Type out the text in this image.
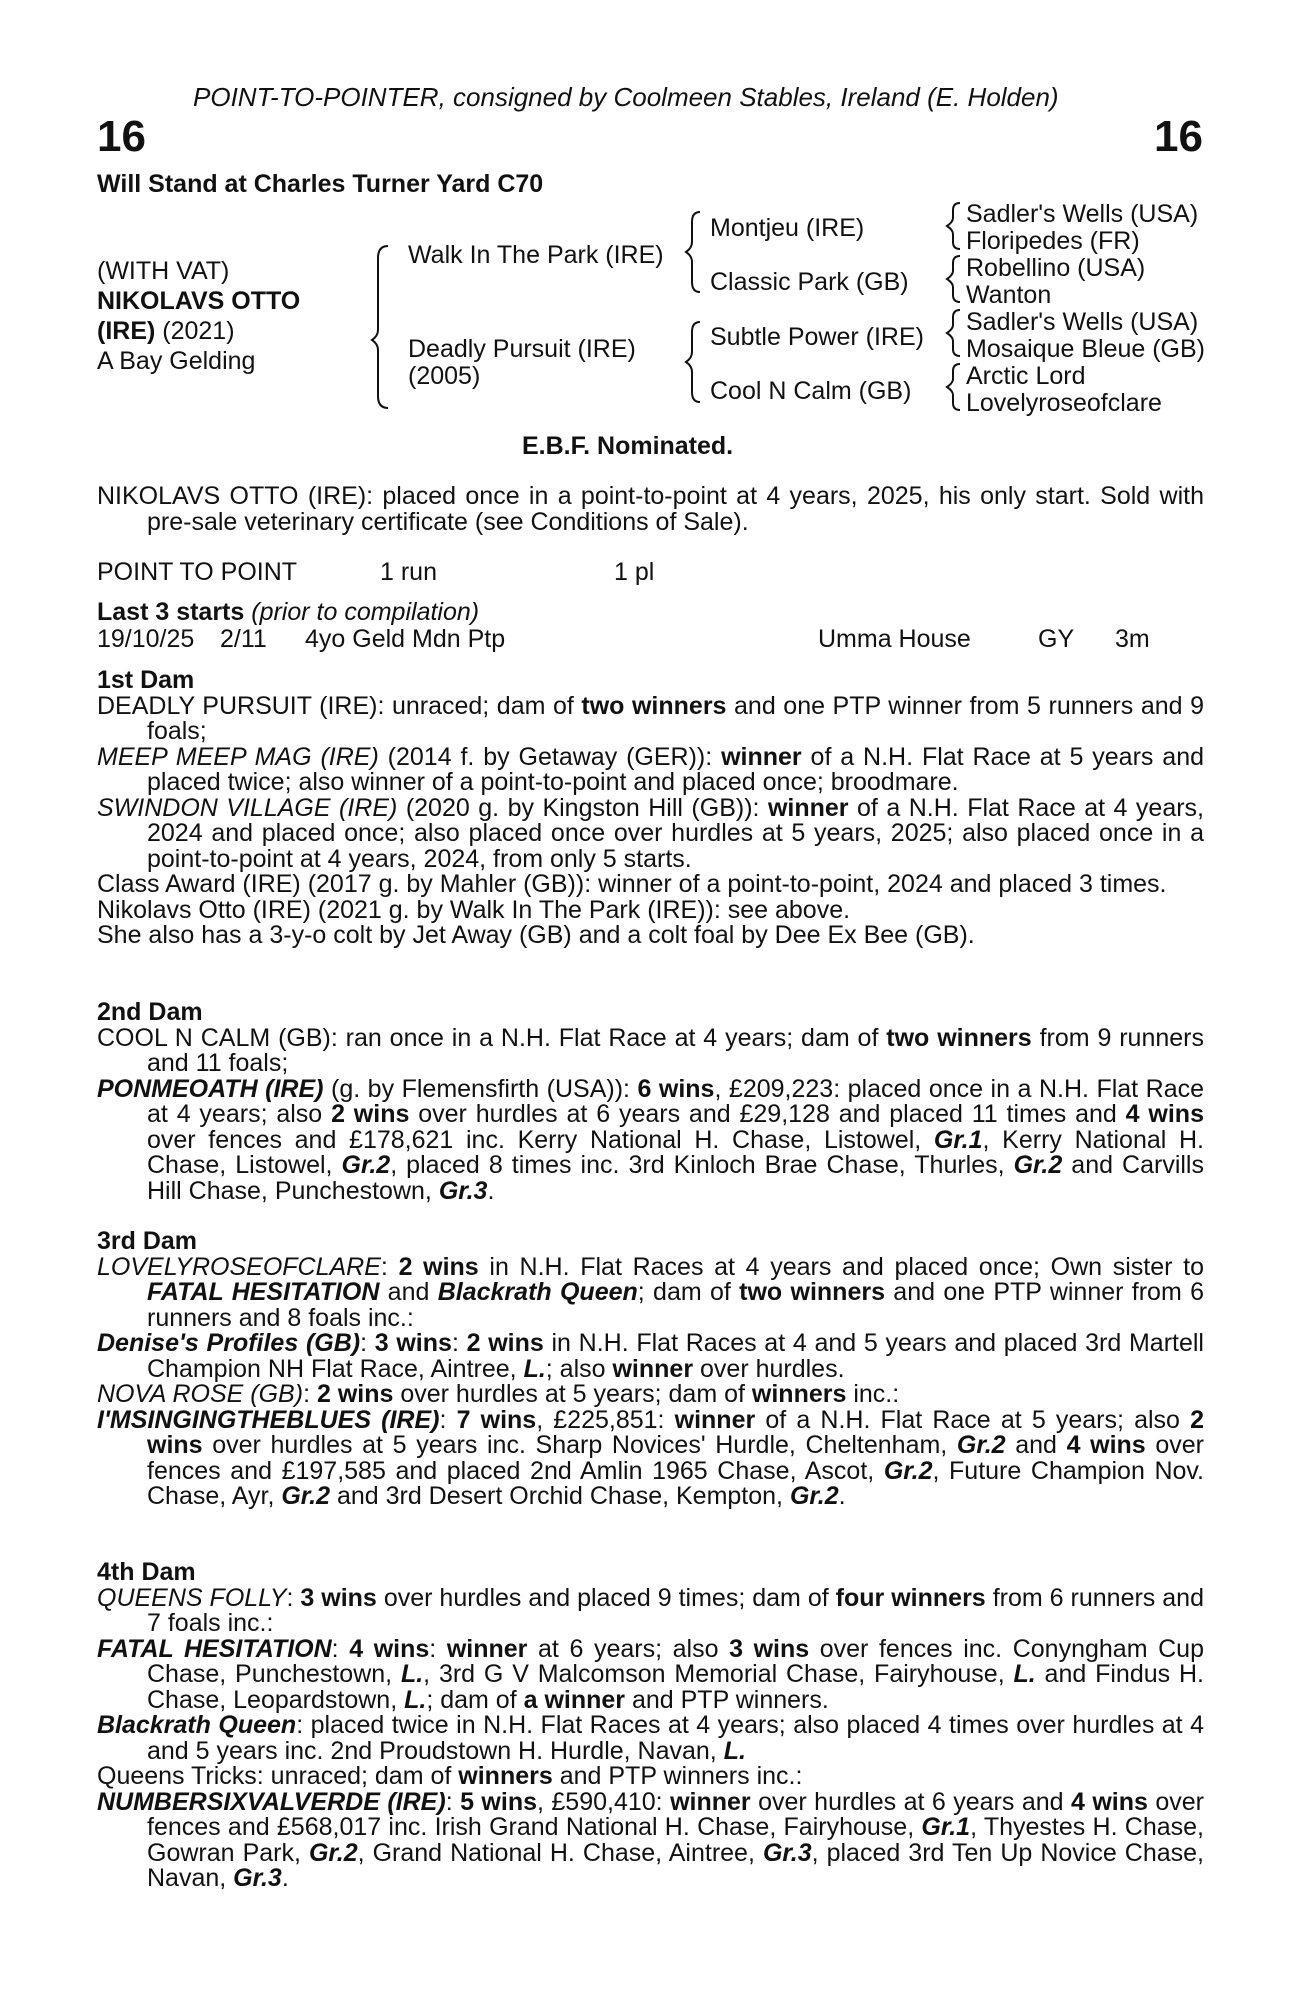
POINT-TO-POINTER, consigned by Coolmeen Stables, Ireland (E. Holden)
16	16
Will Stand at Charles Turner Yard C70
(WITH VAT)
NIKOLAVS OTTO
(IRE) (2021)
A Bay Gelding
Walk In The Park (IRE)
Deadly Pursuit (IRE)
(2005)
Montjeu (IRE)
Classic Park (GB)
Subtle Power (IRE)
Cool N Calm (GB)
Sadler's Wells (USA)
Floripedes (FR)
Robellino (USA)
Wanton
Sadler's Wells (USA)
Mosaique Bleue (GB)
Arctic Lord
Lovelyroseofclare
E.B.F. Nominated.

NIKOLAVS OTTO (IRE): placed once in a point-to-point at 4 years, 2025, his only start. Sold with pre-sale veterinary certificate (see Conditions of Sale).

POINT TO POINT	1 run	1 pl
Last 3 starts (prior to compilation)
19/10/25 2/11 4yo Geld Mdn Ptp	Umma House	GY 3m

1st Dam

DEADLY PURSUIT (IRE): unraced; dam of two winners and one PTP winner from 5 runners and 9 foals;

MEEP MEEP MAG (IRE) (2014 f. by Getaway (GER)): winner of a N.H. Flat Race at 5 years and placed twice; also winner of a point-to-point and placed once; broodmare.

SWINDON VILLAGE (IRE) (2020 g. by Kingston Hill (GB)): winner of a N.H. Flat Race at 4 years, 2024 and placed once; also placed once over hurdles at 5 years, 2025; also placed once in a point-to-point at 4 years, 2024, from only 5 starts.

Class Award (IRE) (2017 g. by Mahler (GB)): winner of a point-to-point, 2024 and placed 3 times.

Nikolavs Otto (IRE) (2021 g. by Walk In The Park (IRE)): see above.

She also has a 3-y-o colt by Jet Away (GB) and a colt foal by Dee Ex Bee (GB).

2nd Dam

COOL N CALM (GB): ran once in a N.H. Flat Race at 4 years; dam of two winners from 9 runners and 11 foals;

PONMEOATH (IRE) (g. by Flemensfirth (USA)): 6 wins, £209,223: placed once in a N.H. Flat Race at 4 years; also 2 wins over hurdles at 6 years and £29,128 and placed 11 times and 4 wins over fences and £178,621 inc. Kerry National H. Chase, Listowel, Gr.1, Kerry National H. Chase, Listowel, Gr.2, placed 8 times inc. 3rd Kinloch Brae Chase, Thurles, Gr.2 and Carvills Hill Chase, Punchestown, Gr.3.

3rd Dam

LOVELYROSEOFCLARE: 2 wins in N.H. Flat Races at 4 years and placed once; Own sister to FATAL HESITATION and Blackrath Queen; dam of two winners and one PTP winner from 6 runners and 8 foals inc.:

Denise's Profiles (GB): 3 wins: 2 wins in N.H. Flat Races at 4 and 5 years and placed 3rd Martell Champion NH Flat Race, Aintree, L.; also winner over hurdles.

NOVA ROSE (GB): 2 wins over hurdles at 5 years; dam of winners inc.:

I'MSINGINGTHEBLUES (IRE): 7 wins, £225,851: winner of a N.H. Flat Race at 5 years; also 2 wins over hurdles at 5 years inc. Sharp Novices' Hurdle, Cheltenham, Gr.2 and 4 wins over fences and £197,585 and placed 2nd Amlin 1965 Chase, Ascot, Gr.2, Future Champion Nov. Chase, Ayr, Gr.2 and 3rd Desert Orchid Chase, Kempton, Gr.2.

4th Dam

QUEENS FOLLY: 3 wins over hurdles and placed 9 times; dam of four winners from 6 runners and 7 foals inc.:

FATAL HESITATION: 4 wins: winner at 6 years; also 3 wins over fences inc. Conyngham Cup Chase, Punchestown, L., 3rd G V Malcomson Memorial Chase, Fairyhouse, L. and Findus H. Chase, Leopardstown, L.; dam of a winner and PTP winners.

Blackrath Queen: placed twice in N.H. Flat Races at 4 years; also placed 4 times over hurdles at 4 and 5 years inc. 2nd Proudstown H. Hurdle, Navan, L.

Queens Tricks: unraced; dam of winners and PTP winners inc.:

NUMBERSIXVALVERDE (IRE): 5 wins, £590,410: winner over hurdles at 6 years and 4 wins over fences and £568,017 inc. Irish Grand National H. Chase, Fairyhouse, Gr.1, Thyestes H. Chase, Gowran Park, Gr.2, Grand National H. Chase, Aintree, Gr.3, placed 3rd Ten Up Novice Chase, Navan, Gr.3.
